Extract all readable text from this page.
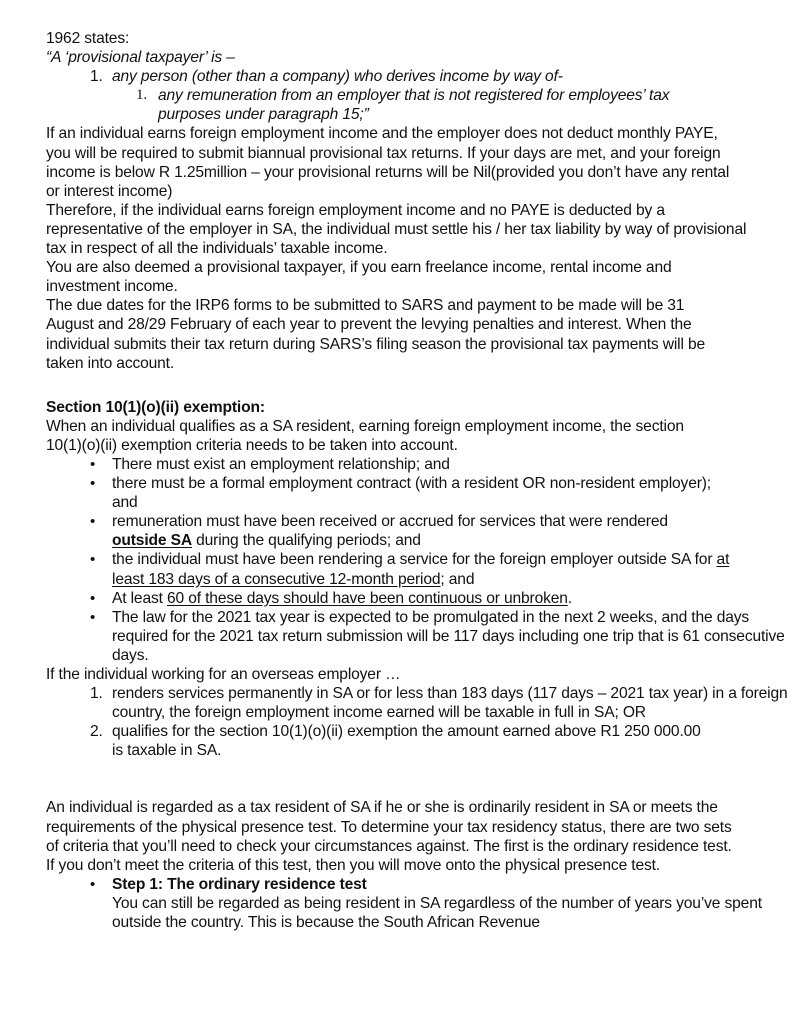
1962 states:

“A ‘provisional taxpayer’ is –

1. any person (other than a company) who derives income by way of-
1. any remuneration from an employer that is not registered for employees’ tax purposes under paragraph 15;”

If an individual earns foreign employment income and the employer does not deduct monthly PAYE, you will be required to submit biannual provisional tax returns. If your days are met, and your foreign income is below R 1.25million – your provisional returns will be Nil(provided you don’t have any rental or interest income)

Therefore, if the individual earns foreign employment income and no PAYE is deducted by a representative of the employer in SA, the individual must settle his / her tax liability by way of provisional tax in respect of all the individuals’ taxable income.

You are also deemed a provisional taxpayer, if you earn freelance income, rental income and investment income.

The due dates for the IRP6 forms to be submitted to SARS and payment to be made will be 31 August and 28/29 February of each year to prevent the levying penalties and interest. When the individual submits their tax return during SARS’s filing season the provisional tax payments will be taken into account.

Section 10(1)(o)(ii) exemption:

When an individual qualifies as a SA resident, earning foreign employment income, the section 10(1)(o)(ii) exemption criteria needs to be taken into account.

• There must exist an employment relationship; and
• there must be a formal employment contract (with a resident OR non-resident employer); and
• remuneration must have been received or accrued for services that were rendered outside SA during the qualifying periods; and
• the individual must have been rendering a service for the foreign employer outside SA for at least 183 days of a consecutive 12-month period; and
• At least 60 of these days should have been continuous or unbroken.
• The law for the 2021 tax year is expected to be promulgated in the next 2 weeks, and the days required for the 2021 tax return submission will be 117 days including one trip that is 61 consecutive days.

If the individual working for an overseas employer …

1. renders services permanently in SA or for less than 183 days (117 days – 2021 tax year) in a foreign country, the foreign employment income earned will be taxable in full in SA; OR
2. qualifies for the section 10(1)(o)(ii) exemption the amount earned above R1 250 000.00 is taxable in SA.

An individual is regarded as a tax resident of SA if he or she is ordinarily resident in SA or meets the requirements of the physical presence test. To determine your tax residency status, there are two sets of criteria that you’ll need to check your circumstances against. The first is the ordinary residence test. If you don’t meet the criteria of this test, then you will move onto the physical presence test.

• Step 1: The ordinary residence test
You can still be regarded as being resident in SA regardless of the number of years you’ve spent outside the country. This is because the South African Revenue
